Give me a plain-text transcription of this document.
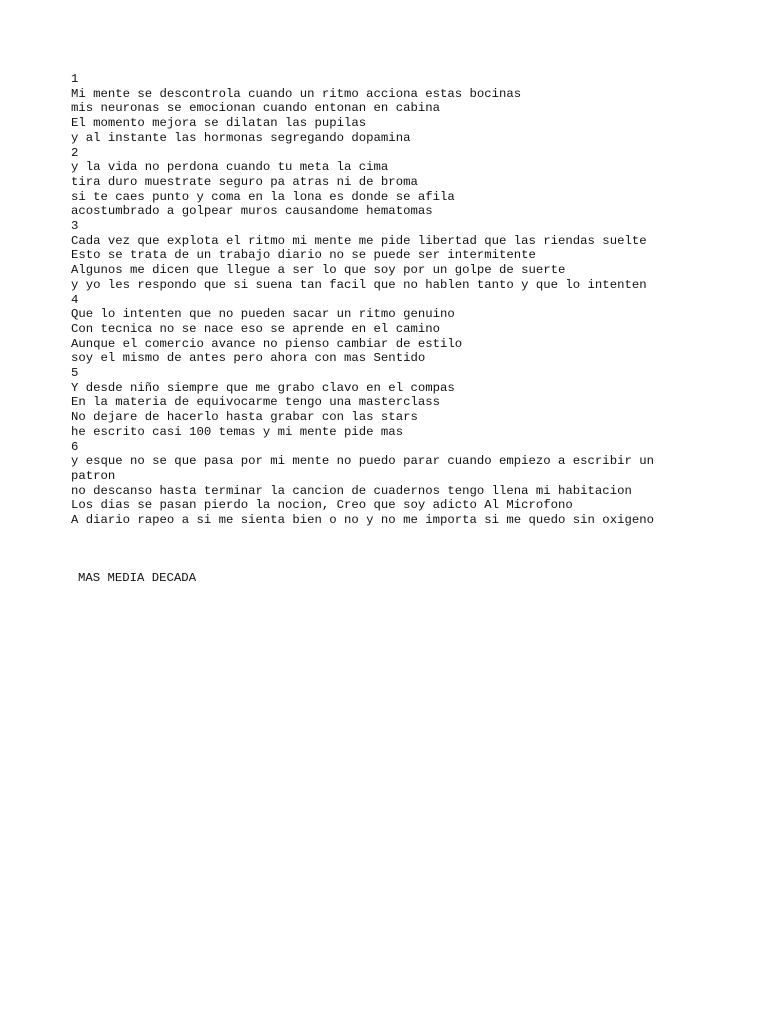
1
Mi mente se descontrola cuando un ritmo acciona estas bocinas
mis neuronas se emocionan cuando entonan en cabina
El momento mejora se dilatan las pupilas
y al instante las hormonas segregando dopamina
2
y la vida no perdona cuando tu meta la cima
tira duro muestrate seguro pa atras ni de broma
si te caes punto y coma en la lona es donde se afila
acostumbrado a golpear muros causandome hematomas
3
Cada vez que explota el ritmo mi mente me pide libertad que las riendas suelte
Esto se trata de un trabajo diario no se puede ser intermitente
Algunos me dicen que llegue a ser lo que soy por un golpe de suerte
y yo les respondo que si suena tan facil que no hablen tanto y que lo intenten
4
Que lo intenten que no pueden sacar un ritmo genuino
Con tecnica no se nace eso se aprende en el camino
Aunque el comercio avance no pienso cambiar de estilo
soy el mismo de antes pero ahora con mas Sentido
5
Y desde niño siempre que me grabo clavo en el compas
En la materia de equivocarme tengo una masterclass
No dejare de hacerlo hasta grabar con las stars
he escrito casi 100 temas y mi mente pide mas
6
y esque no se que pasa por mi mente no puedo parar cuando empiezo a escribir un
patron
no descanso hasta terminar la cancion de cuadernos tengo llena mi habitacion
Los dias se pasan pierdo la nocion, Creo que soy adicto Al Microfono
A diario rapeo a si me sienta bien o no y no me importa si me quedo sin oxigeno
MAS MEDIA DECADA
